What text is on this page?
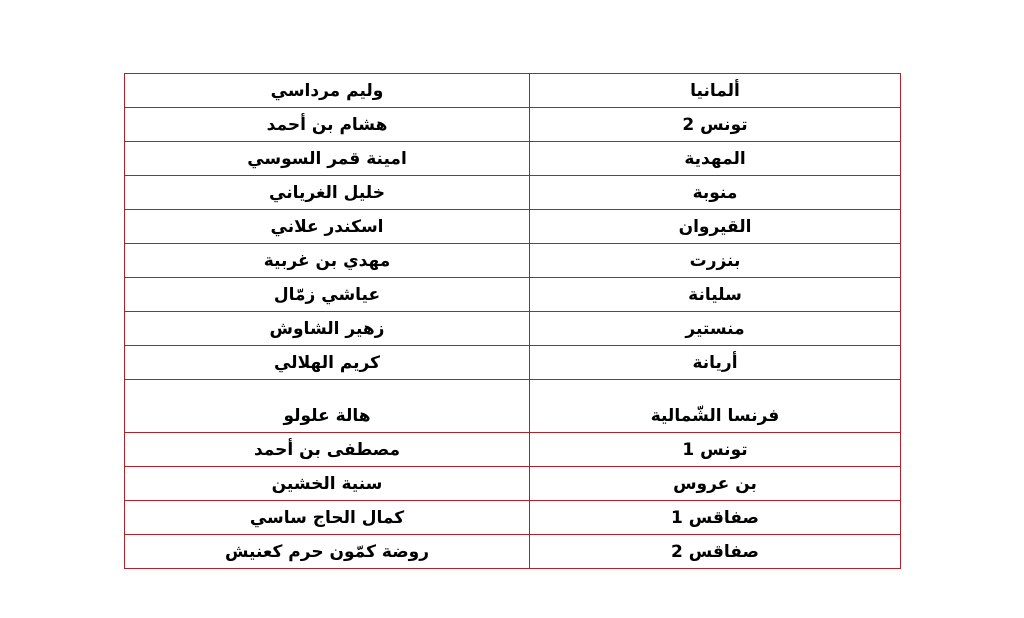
وليم مرداسي	ألمانيا
هشام بن أحمد	تونس 2
امينة قمر السوسي	المهدية
خليل الغرياني	منوبة
اسكندر علاني	القيروان
مهدي بن غربية	بنزرت
عياشي زمّال	سليانة
زهير الشاوش	منستير
كريم الهلالي	أريانة
هالة علولو	فرنسا الشّمالية
مصطفى بن أحمد	تونس 1
سنية الخشين	بن عروس
كمال الحاج ساسي	صفاقس 1
روضة كمّون حرم كعنيش	صفاقس 2
